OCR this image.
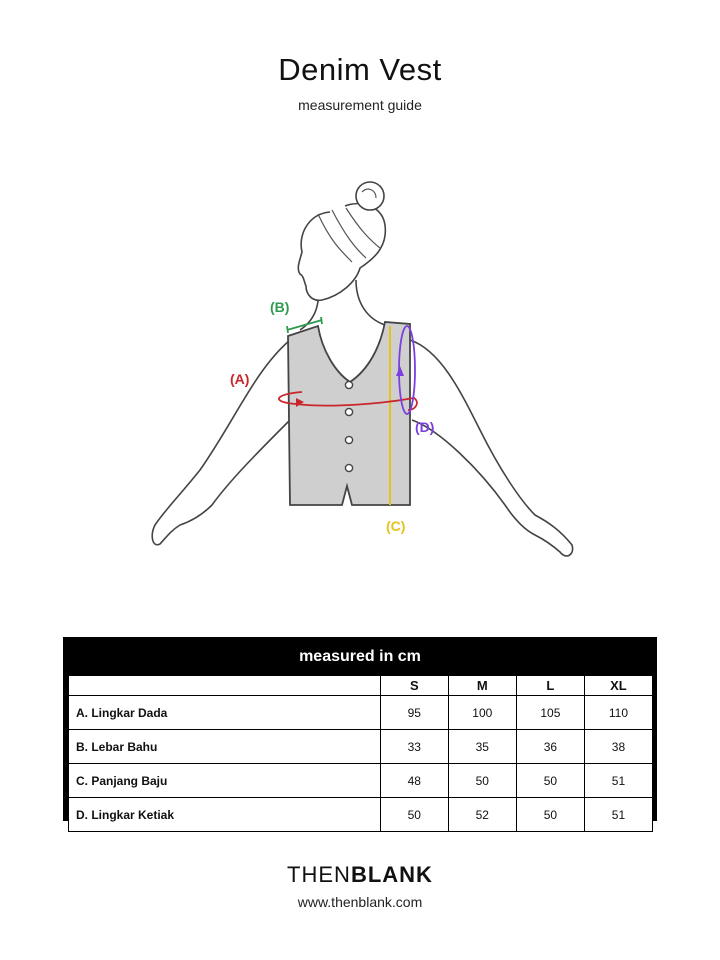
Denim Vest
measurement guide
(A)
(B)
(C)
(D)
measured in cm
	S	M	L	XL
A. Lingkar Dada	95	100	105	110
B. Lebar Bahu	33	35	36	38
C. Panjang Baju	48	50	50	51
D. Lingkar Ketiak	50	52	50	51
THENBLANK
www.thenblank.com
